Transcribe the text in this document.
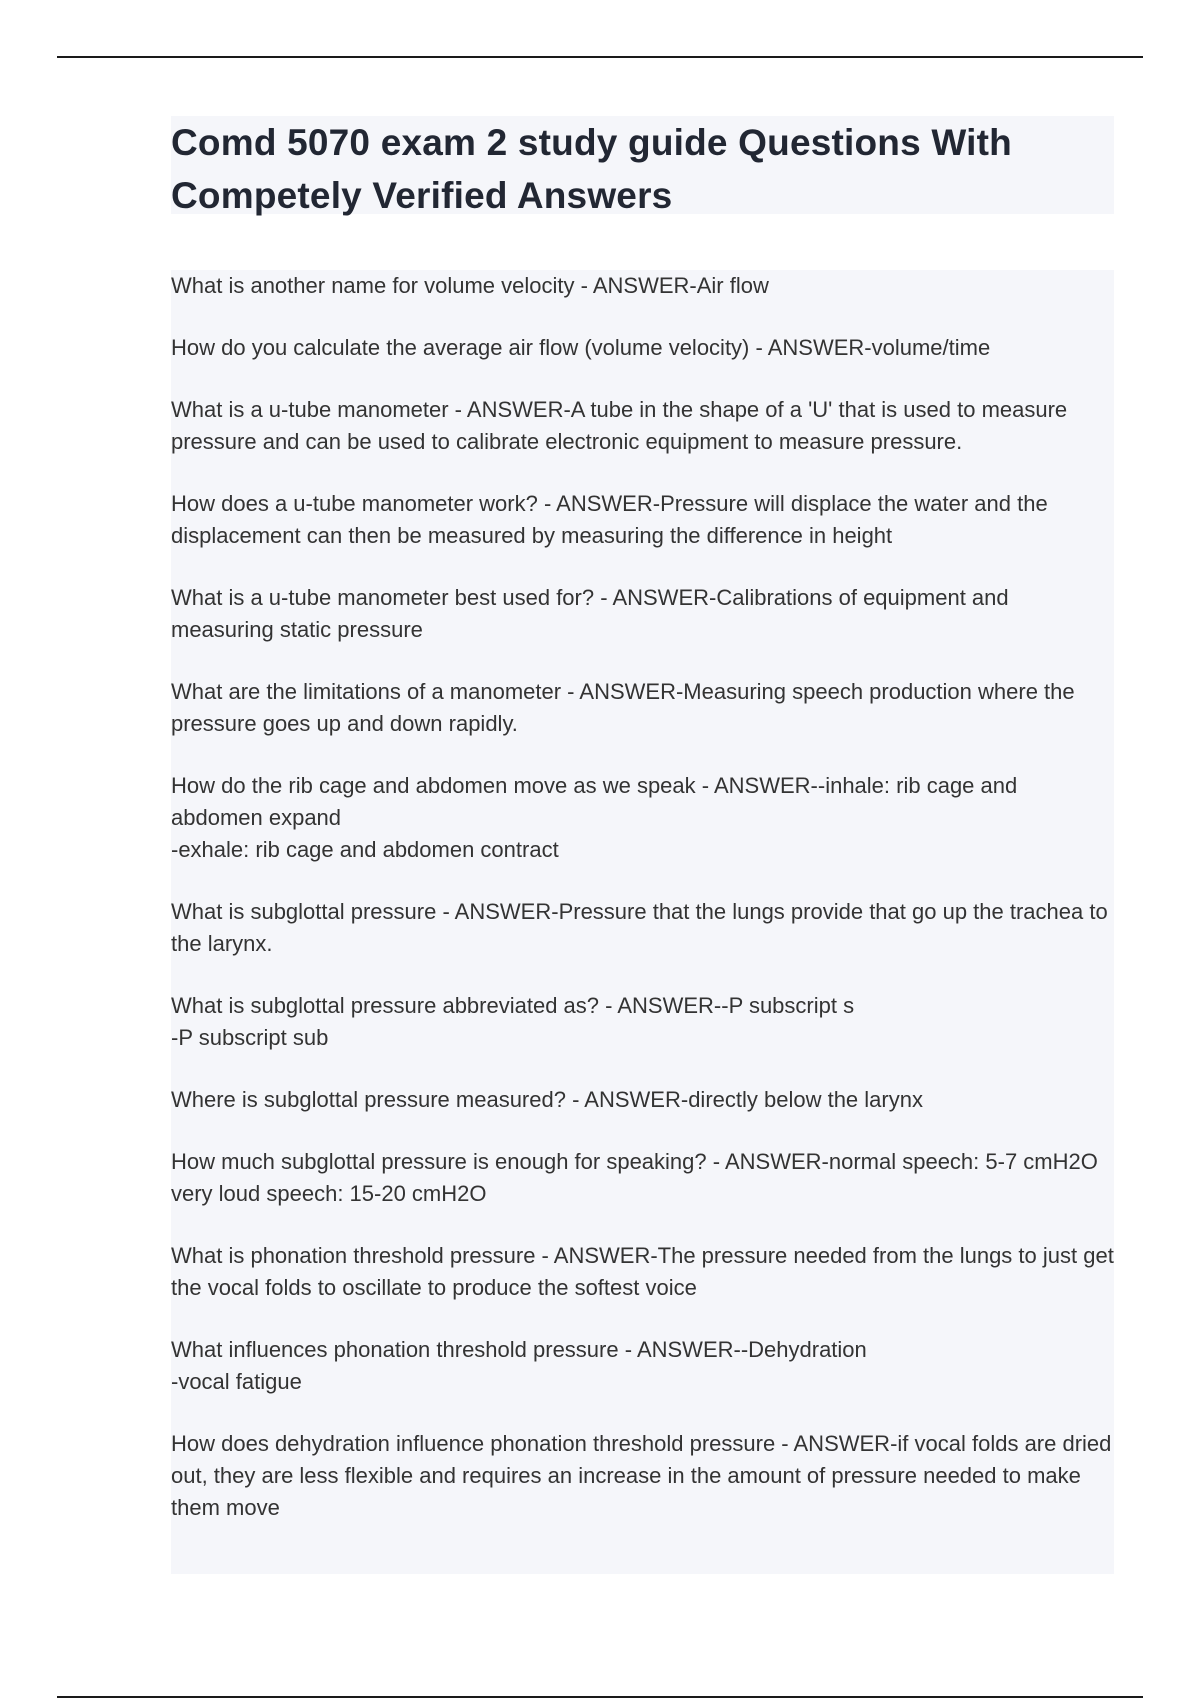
Comd 5070 exam 2 study guide Questions With Competely Verified Answers
What is another name for volume velocity - ANSWER-Air flow
How do you calculate the average air flow (volume velocity) - ANSWER-volume/time
What is a u-tube manometer - ANSWER-A tube in the shape of a 'U' that is used to measure pressure and can be used to calibrate electronic equipment to measure pressure.
How does a u-tube manometer work? - ANSWER-Pressure will displace the water and the displacement can then be measured by measuring the difference in height
What is a u-tube manometer best used for? - ANSWER-Calibrations of equipment and measuring static pressure
What are the limitations of a manometer - ANSWER-Measuring speech production where the pressure goes up and down rapidly.
How do the rib cage and abdomen move as we speak - ANSWER--inhale: rib cage and abdomen expand
-exhale: rib cage and abdomen contract
What is subglottal pressure - ANSWER-Pressure that the lungs provide that go up the trachea to the larynx.
What is subglottal pressure abbreviated as? - ANSWER--P subscript s
-P subscript sub
Where is subglottal pressure measured? - ANSWER-directly below the larynx
How much subglottal pressure is enough for speaking? - ANSWER-normal speech: 5-7 cmH2O
very loud speech: 15-20 cmH2O
What is phonation threshold pressure - ANSWER-The pressure needed from the lungs to just get the vocal folds to oscillate to produce the softest voice
What influences phonation threshold pressure - ANSWER--Dehydration
-vocal fatigue
How does dehydration influence phonation threshold pressure - ANSWER-if vocal folds are dried out, they are less flexible and requires an increase in the amount of pressure needed to make them move
